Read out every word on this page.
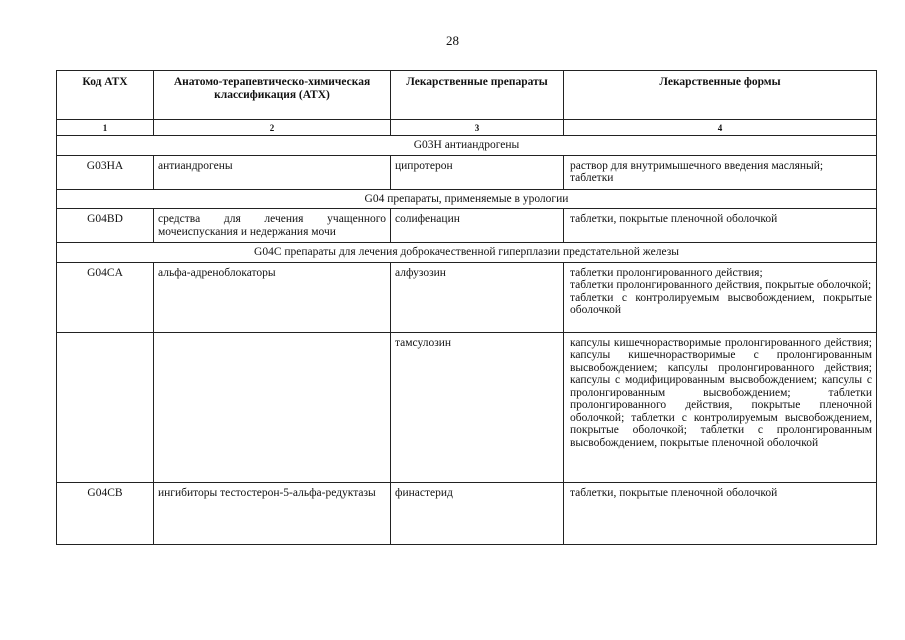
28
Код АТХ	Анатомо-терапевтическо-химическая классификация (АТХ)	Лекарственные препараты	Лекарственные формы
1	2	3	4
G03H антиандрогены			
G03HA	антиандрогены	ципротерон	раствор для внутримышечного введения масляный;
таблетки

G04 препараты, применяемые в урологии			
G04BD	средства для лечения учащенного мочеиспускания и недержания мочи	солифенацин	таблетки, покрытые пленочной оболочкой

G04C препараты для лечения доброкачественной гиперплазии предстательной железы			
G04CA	альфа-адреноблокаторы	алфузозин	таблетки пролонгированного действия;
таблетки пролонгированного действия, покрытые оболочкой;
таблетки с контролируемым высвобождением, покрытые оболочкой

		тамсулозин	капсулы кишечнорастворимые пролонгированного действия; капсулы кишечнорастворимые с пролонгированным высвобождением; капсулы пролонгированного действия; капсулы с модифицированным высвобождением; капсулы с пролонгированным высвобождением; таблетки пролонгированного действия, покрытые пленочной оболочкой; таблетки с контролируемым высвобождением, покрытые оболочкой; таблетки с пролонгированным высвобождением, покрытые пленочной оболочкой

G04CB	ингибиторы тестостерон-5-альфа-редуктазы	финастерид	таблетки, покрытые пленочной оболочкой
